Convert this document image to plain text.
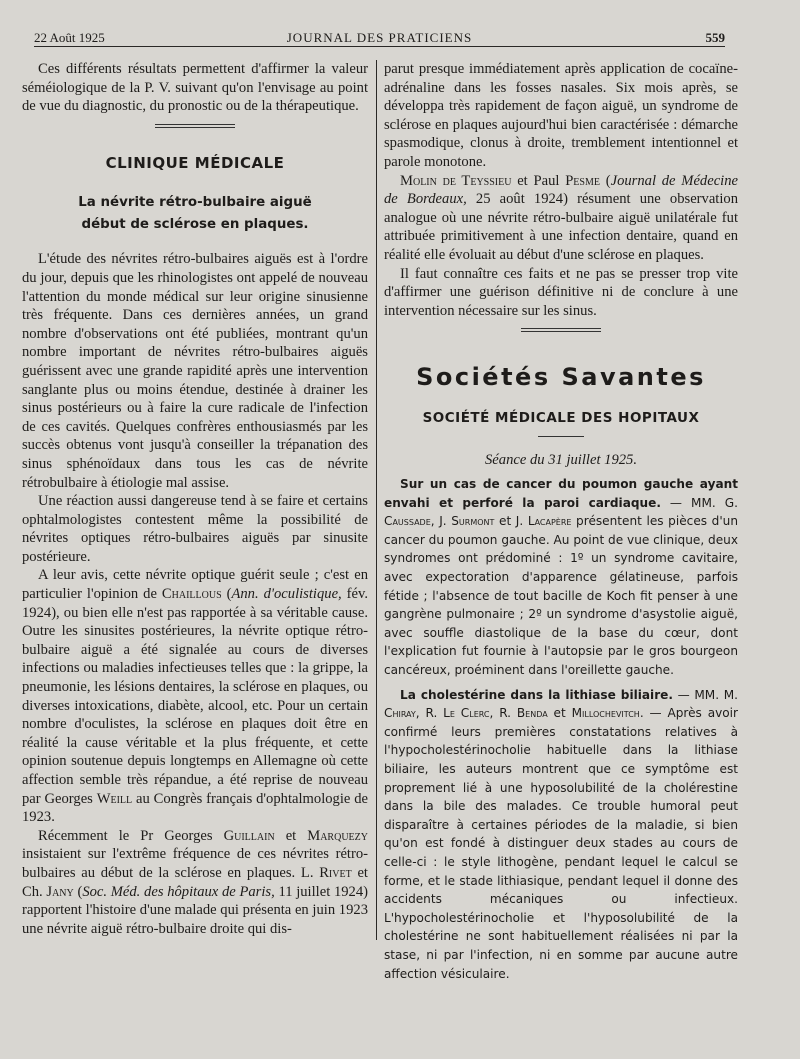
22 Août 1925	JOURNAL DES PRATICIENS	559

Ces différents résultats permettent d'affirmer la valeur séméiologique de la P. V. suivant qu'on l'envisage au point de vue du diagnostic, du pronostic ou de la thérapeutique.

CLINIQUE MÉDICALE
La névrite rétro-bulbaire aiguë
début de sclérose en plaques.

L'étude des névrites rétro-bulbaires aiguës est à l'ordre du jour, depuis que les rhinologistes ont appelé de nouveau l'attention du monde médical sur leur origine sinusienne très fréquente. Dans ces dernières années, un grand nombre d'observations ont été publiées, montrant qu'un nombre important de névrites rétro-bulbaires aiguës guérissent avec une grande rapidité après une intervention sanglante plus ou moins étendue, destinée à drainer les sinus postérieurs ou à faire la cure radicale de l'infection de ces cavités. Quelques confrères enthousiasmés par les succès obtenus vont jusqu'à conseiller la trépanation des sinus sphénoïdaux dans tous les cas de névrite rétrobulbaire à étiologie mal assise.

Une réaction aussi dangereuse tend à se faire et certains ophtalmologistes contestent même la possibilité de névrites optiques rétro-bulbaires aiguës par sinusite postérieure.

A leur avis, cette névrite optique guérit seule ; c'est en particulier l'opinion de Chaillous (Ann. d'oculistique, fév. 1924), ou bien elle n'est pas rapportée à sa véritable cause. Outre les sinusites postérieures, la névrite optique rétro-bulbaire aiguë a été signalée au cours de diverses infections ou maladies infectieuses telles que : la grippe, la pneumonie, les lésions dentaires, la sclérose en plaques, ou diverses intoxications, diabète, alcool, etc. Pour un certain nombre d'oculistes, la sclérose en plaques doit être en réalité la cause véritable et la plus fréquente, et cette opinion soutenue depuis longtemps en Allemagne où cette affection semble très répandue, a été reprise de nouveau par Georges Weill au Congrès français d'ophtalmologie de 1923.

Récemment le Pr Georges Guillain et Marquezy insistaient sur l'extrême fréquence de ces névrites rétro-bulbaires au début de la sclérose en plaques. L. Rivet et Ch. Jany (Soc. Méd. des hôpitaux de Paris, 11 juillet 1924) rapportent l'histoire d'une malade qui présenta en juin 1923 une névrite aiguë rétro-bulbaire droite qui dis-

parut presque immédiatement après application de cocaïne-adrénaline dans les fosses nasales. Six mois après, se développa très rapidement de façon aiguë, un syndrome de sclérose en plaques aujourd'hui bien caractérisée : démarche spasmodique, clonus à droite, tremblement intentionnel et parole monotone.

Molin de Teyssieu et Paul Pesme (Journal de Médecine de Bordeaux, 25 août 1924) résument une observation analogue où une névrite rétro-bulbaire aiguë unilatérale fut attribuée primitivement à une infection dentaire, quand en réalité elle évoluait au début d'une sclérose en plaques.

Il faut connaître ces faits et ne pas se presser trop vite d'affirmer une guérison définitive ni de conclure à une intervention nécessaire sur les sinus.

Sociétés Savantes
SOCIÉTÉ MÉDICALE DES HOPITAUX
Séance du 31 juillet 1925.

Sur un cas de cancer du poumon gauche ayant envahi et perforé la paroi cardiaque. — MM. G. Caussade, J. Surmont et J. Lacapère présentent les pièces d'un cancer du poumon gauche. Au point de vue clinique, deux syndromes ont prédominé : 1º un syndrome cavitaire, avec expectoration d'apparence gélatineuse, parfois fétide ; l'absence de tout bacille de Koch fit penser à une gangrène pulmonaire ; 2º un syndrome d'asystolie aiguë, avec souffle diastolique de la base du cœur, dont l'explication fut fournie à l'autopsie par le gros bourgeon cancéreux, proéminent dans l'oreillette gauche.

La cholestérine dans la lithiase biliaire. — MM. M. Chiray, R. Le Clerc, R. Benda et Millochevitch. — Après avoir confirmé leurs premières constatations relatives à l'hypocholestérinocholie habituelle dans la lithiase biliaire, les auteurs montrent que ce symptôme est proprement lié à une hyposolubilité de la cholérestine dans la bile des malades. Ce trouble humoral peut disparaître à certaines périodes de la maladie, si bien qu'on est fondé à distinguer deux stades au cours de celle-ci : le style lithogène, pendant lequel le calcul se forme, et le stade lithiasique, pendant lequel il donne des accidents mécaniques ou infectieux. L'hypocholestérinocholie et l'hyposolubilité de la cholestérine ne sont habituellement réalisées ni par la stase, ni par l'infection, ni en somme par aucune autre affection vésiculaire.
